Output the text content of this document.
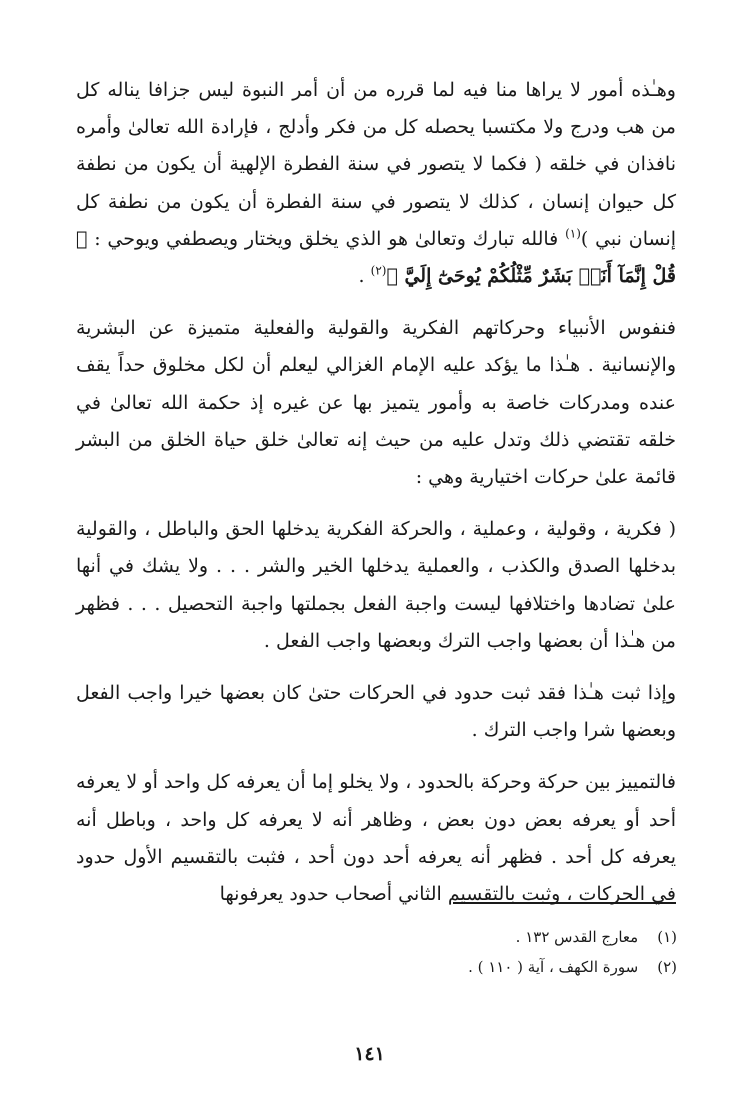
وهـٰذه أمور لا يراها منا فيه لما قرره من أن أمر النبوة ليس جزافا يناله كل من هب ودرج ولا مكتسبا يحصله كل من فكر وأدلج ، فإرادة الله تعالىٰ وأمره نافذان في خلقه ( فكما لا يتصور في سنة الفطرة الإلهية أن يكون من نطفة كل حيوان إنسان ، كذلك لا يتصور في سنة الفطرة أن يكون من نطفة كل إنسان نبي )$^{(١)}$ فالله تبارك وتعالىٰ هو الذي يخلق ويختار ويصطفي ويوحي : ﴿ قُلْ إِنَّمَآ أَنَا۠ بَشَرٌ مِّثْلُكُمْ يُوحَىٰٓ إِلَيَّ ﴾$^{(٢)}$ .

فنفوس الأنبياء وحركاتهم الفكرية والقولية والفعلية متميزة عن البشرية والإنسانية . هـٰذا ما يؤكد عليه الإمام الغزالي ليعلم أن لكل مخلوق حداً يقف عنده ومدركات خاصة به وأمور يتميز بها عن غيره إذ حكمة الله تعالىٰ في خلقه تقتضي ذلك وتدل عليه من حيث إنه تعالىٰ خلق حياة الخلق من البشر قائمة علىٰ حركات اختيارية وهي :

( فكرية ، وقولية ، وعملية ، والحركة الفكرية يدخلها الحق والباطل ، والقولية بدخلها الصدق والكذب ، والعملية يدخلها الخير والشر . . . ولا يشك في أنها علىٰ تضادها واختلافها ليست واجبة الفعل بجملتها واجبة التحصيل . . . فظهر من هـٰذا أن بعضها واجب الترك وبعضها واجب الفعل .

وإذا ثبت هـٰذا فقد ثبت حدود في الحركات حتىٰ كان بعضها خيرا واجب الفعل وبعضها شرا واجب الترك .

فالتمييز بين حركة وحركة بالحدود ، ولا يخلو إما أن يعرفه كل واحد أو لا يعرفه أحد أو يعرفه بعض دون بعض ، وظاهر أنه لا يعرفه كل واحد ، وباطل أنه يعرفه كل أحد . فظهر أنه يعرفه أحد دون أحد ، فثبت بالتقسيم الأول حدود في الحركات ، وثبت بالتقسيم الثاني أصحاب حدود يعرفونها

(١) معارج القدس ١٣٢ .
(٢) سورة الكهف ، آية ( ١١٠ ) .
١٤١
